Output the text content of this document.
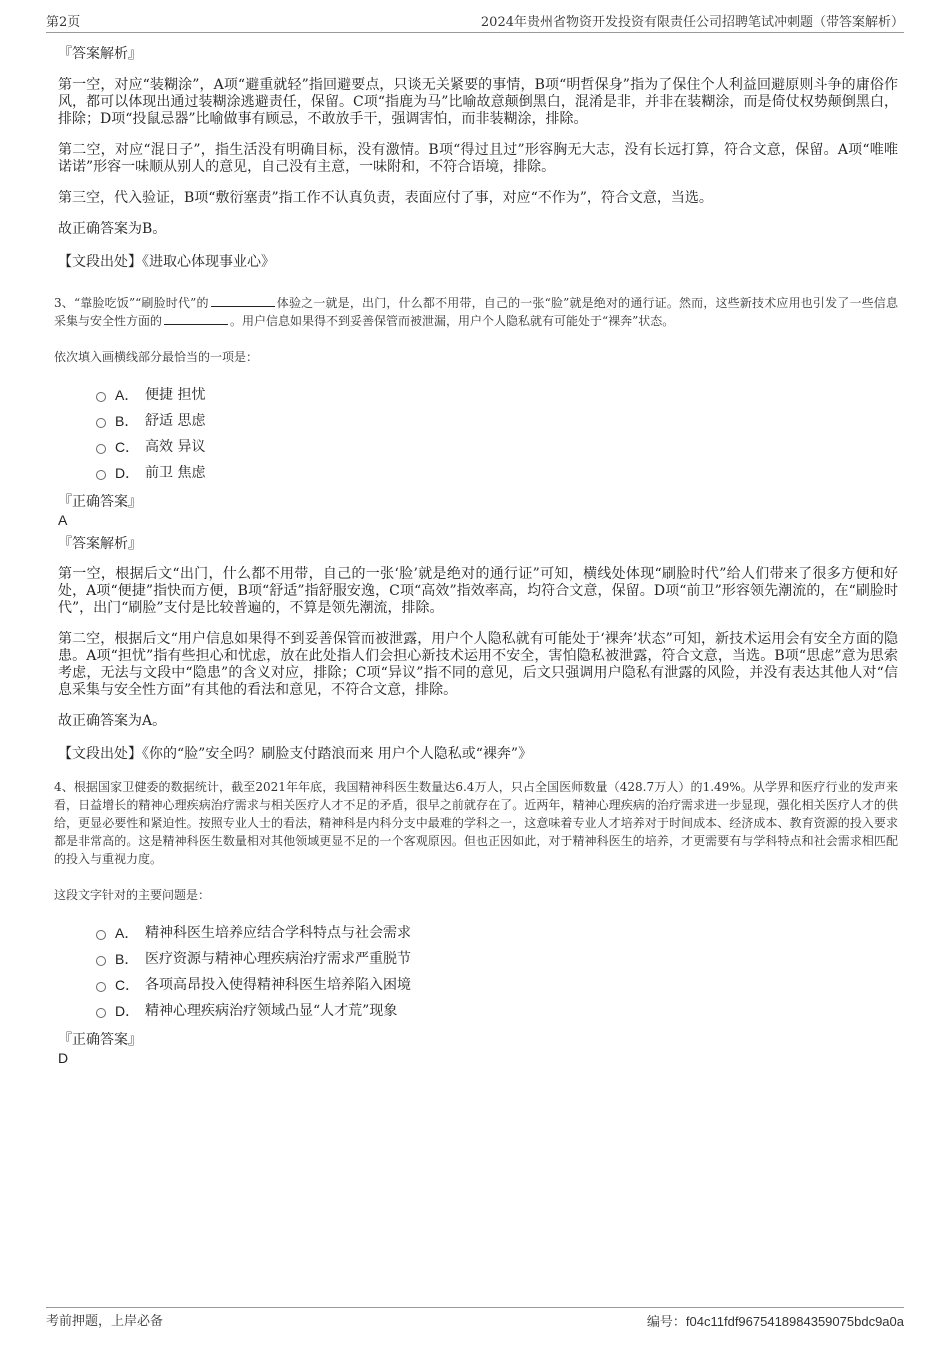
第2页	2024年贵州省物资开发投资有限责任公司招聘笔试冲刺题（带答案解析）
『答案解析』
第一空，对应“装糊涂”，A项“避重就轻”指回避要点，只谈无关紧要的事情，B项“明哲保身”指为了保住个人利益回避原则斗争的庸俗作风，都可以体现出通过装糊涂逃避责任，保留。C项“指鹿为马”比喻故意颠倒黑白，混淆是非，并非在装糊涂，而是倚仗权势颠倒黑白，排除；D项“投鼠忌器”比喻做事有顾忌，不敢放手干，强调害怕，而非装糊涂，排除。
第二空，对应“混日子”，指生活没有明确目标，没有激情。B项“得过且过”形容胸无大志，没有长远打算，符合文意，保留。A项“唯唯诺诺”形容一味顺从别人的意见，自己没有主意，一味附和，不符合语境，排除。
第三空，代入验证，B项“敷衍塞责”指工作不认真负责，表面应付了事，对应“不作为”，符合文意，当选。
故正确答案为B。
【文段出处】《进取心体现事业心》
3、“靠脸吃饭”“刷脸时代”的	体验之一就是，出门，什么都不用带，自己的一张“脸”就是绝对的通行证。然而，这些新技术应用也引发了一些信息采集与安全性方面的	。用户信息如果得不到妥善保管而被泄漏，用户个人隐私就有可能处于“裸奔”状态。
依次填入画横线部分最恰当的一项是：
A． 便捷 担忧
B． 舒适 思虑
C． 高效 异议
D． 前卫 焦虑
『正确答案』
A
『答案解析』
第一空，根据后文“出门，什么都不用带，自己的一张‘脸’就是绝对的通行证”可知，横线处体现“刷脸时代”给人们带来了很多方便和好处，A项“便捷”指快而方便，B项“舒适”指舒服安逸，C项“高效”指效率高，均符合文意，保留。D项“前卫”形容领先潮流的，在“刷脸时代”，出门“刷脸”支付是比较普遍的，不算是领先潮流，排除。
第二空，根据后文“用户信息如果得不到妥善保管而被泄露，用户个人隐私就有可能处于‘裸奔’状态”可知，新技术运用会有安全方面的隐患。A项“担忧”指有些担心和忧虑，放在此处指人们会担心新技术运用不安全，害怕隐私被泄露，符合文意，当选。B项“思虑”意为思索考虑，无法与文段中“隐患”的含义对应，排除；C项“异议”指不同的意见，后文只强调用户隐私有泄露的风险，并没有表达其他人对“信息采集与安全性方面”有其他的看法和意见，不符合文意，排除。
故正确答案为A。
【文段出处】《你的“脸”安全吗？刷脸支付踏浪而来 用户个人隐私或“裸奔”》
4、根据国家卫健委的数据统计，截至2021年年底，我国精神科医生数量达6.4万人，只占全国医师数量（428.7万人）的1.49%。从学界和医疗行业的发声来看，日益增长的精神心理疾病治疗需求与相关医疗人才不足的矛盾，很早之前就存在了。近两年，精神心理疾病的治疗需求进一步显现，强化相关医疗人才的供给，更显必要性和紧迫性。按照专业人士的看法，精神科是内科分支中最难的学科之一，这意味着专业人才培养对于时间成本、经济成本、教育资源的投入要求都是非常高的。这是精神科医生数量相对其他领域更显不足的一个客观原因。但也正因如此，对于精神科医生的培养，才更需要有与学科特点和社会需求相匹配的投入与重视力度。
这段文字针对的主要问题是：
A． 精神科医生培养应结合学科特点与社会需求
B． 医疗资源与精神心理疾病治疗需求严重脱节
C． 各项高昂投入使得精神科医生培养陷入困境
D． 精神心理疾病治疗领域凸显“人才荒”现象
『正确答案』
D
考前押题，上岸必备	编号：f04c11fdf9675418984359075bdc9a0a
